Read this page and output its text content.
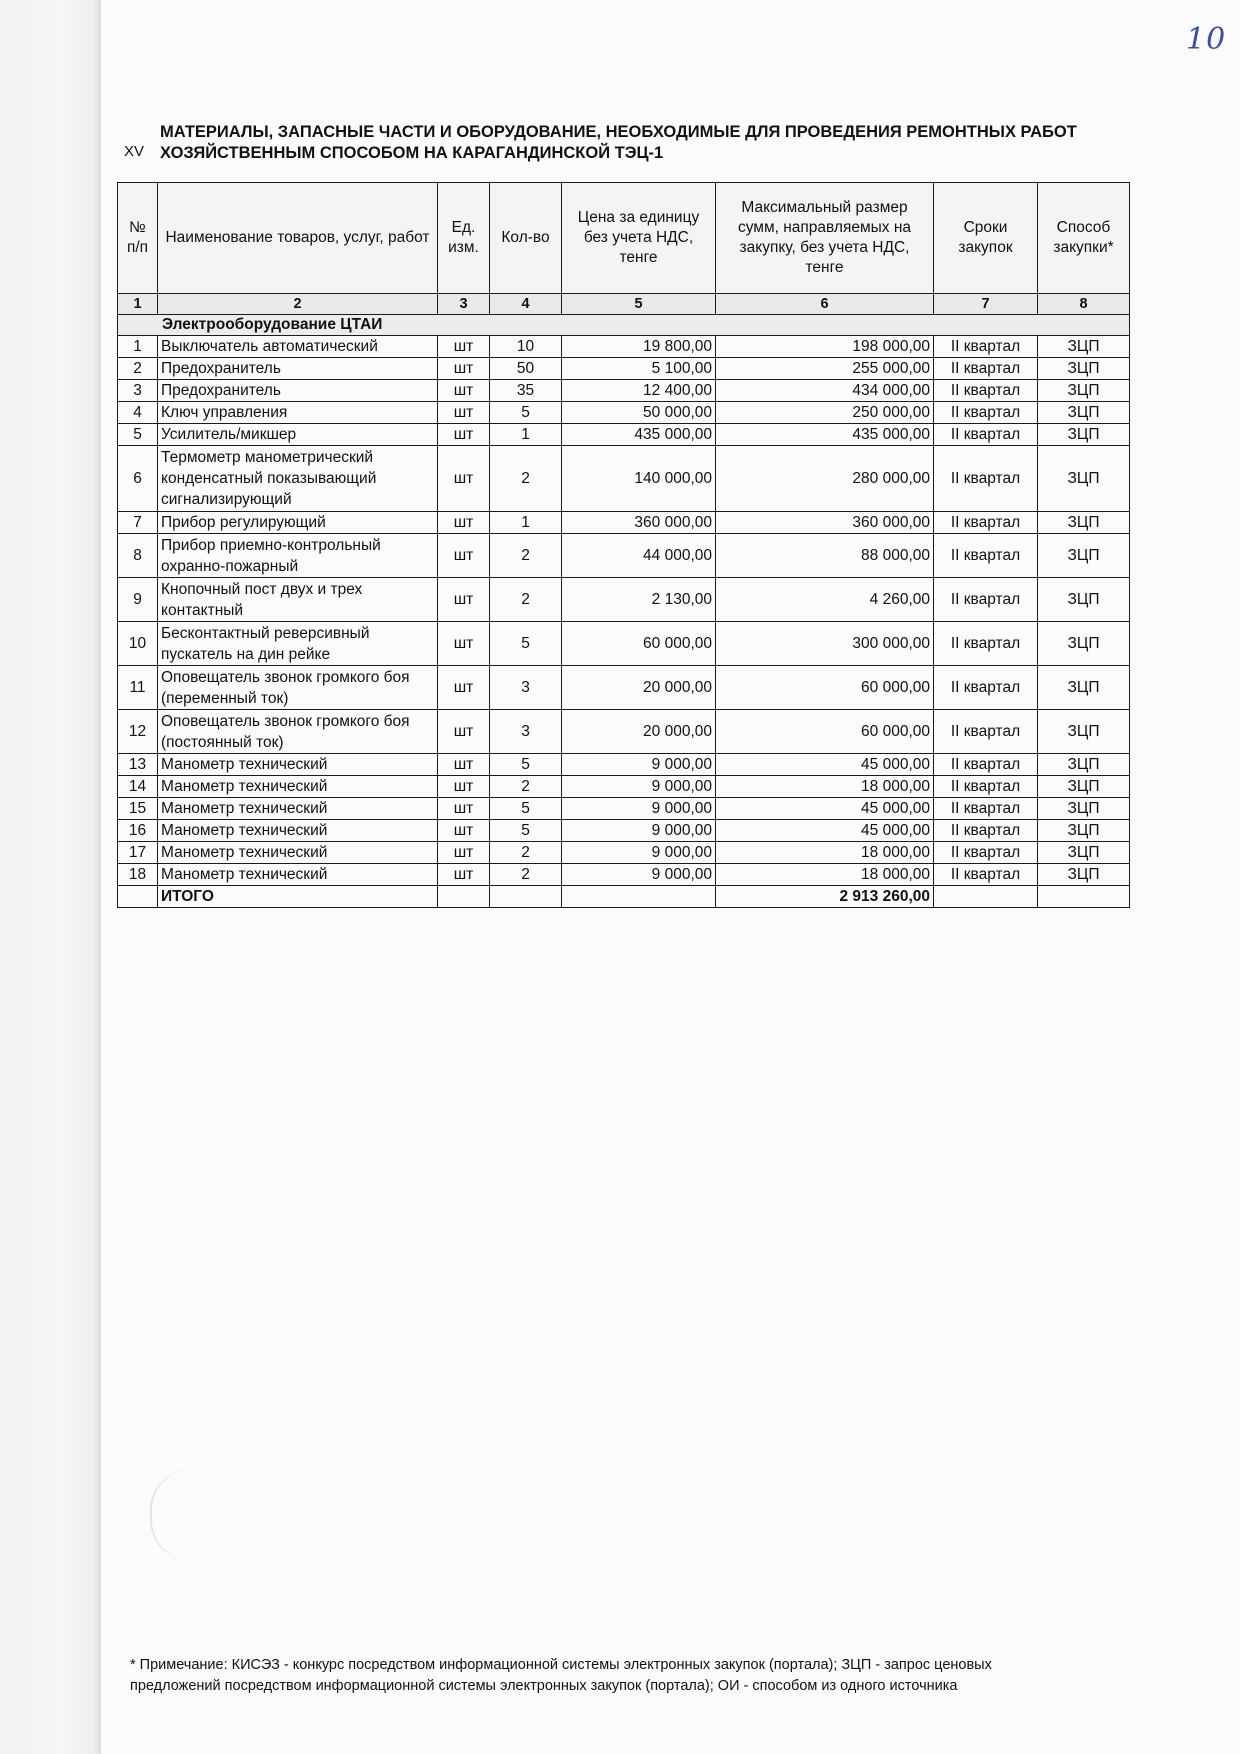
10
XV
МАТЕРИАЛЫ, ЗАПАСНЫЕ ЧАСТИ И ОБОРУДОВАНИЕ, НЕОБХОДИМЫЕ ДЛЯ ПРОВЕДЕНИЯ РЕМОНТНЫХ РАБОТ
ХОЗЯЙСТВЕННЫМ СПОСОБОМ НА КАРАГАНДИНСКОЙ ТЭЦ-1
№ п/п	Наименование товаров, услуг, работ	Ед. изм.	Кол-во	Цена за единицу без учета НДС, тенге	Максимальный размер сумм, направляемых на закупку, без учета НДС, тенге	Сроки закупок	Способ закупки*
1	2	3	4	5	6	7	8
Электрооборудование ЦТАИ							
1	Выключатель автоматический	шт	10	19 800,00	198 000,00	II квартал	ЗЦП
2	Предохранитель	шт	50	5 100,00	255 000,00	II квартал	ЗЦП
3	Предохранитель	шт	35	12 400,00	434 000,00	II квартал	ЗЦП
4	Ключ управления	шт	5	50 000,00	250 000,00	II квартал	ЗЦП
5	Усилитель/микшер	шт	1	435 000,00	435 000,00	II квартал	ЗЦП
6	Термометр манометрический конденсатный показывающий сигнализирующий	шт	2	140 000,00	280 000,00	II квартал	ЗЦП
7	Прибор регулирующий	шт	1	360 000,00	360 000,00	II квартал	ЗЦП
8	Прибор приемно-контрольный охранно-пожарный	шт	2	44 000,00	88 000,00	II квартал	ЗЦП
9	Кнопочный пост двух и трех контактный	шт	2	2 130,00	4 260,00	II квартал	ЗЦП
10	Бесконтактный реверсивный пускатель на дин рейке	шт	5	60 000,00	300 000,00	II квартал	ЗЦП
11	Оповещатель звонок громкого боя (переменный ток)	шт	3	20 000,00	60 000,00	II квартал	ЗЦП
12	Оповещатель звонок громкого боя (постоянный ток)	шт	3	20 000,00	60 000,00	II квартал	ЗЦП
13	Манометр технический	шт	5	9 000,00	45 000,00	II квартал	ЗЦП
14	Манометр технический	шт	2	9 000,00	18 000,00	II квартал	ЗЦП
15	Манометр технический	шт	5	9 000,00	45 000,00	II квартал	ЗЦП
16	Манометр технический	шт	5	9 000,00	45 000,00	II квартал	ЗЦП
17	Манометр технический	шт	2	9 000,00	18 000,00	II квартал	ЗЦП
18	Манометр технический	шт	2	9 000,00	18 000,00	II квартал	ЗЦП
	ИТОГО				2 913 260,00		
* Примечание: КИСЭЗ - конкурс посредством информационной системы электронных закупок (портала); ЗЦП - запрос ценовых
предложений посредством информационной системы электронных закупок (портала); ОИ - способом из одного источника
